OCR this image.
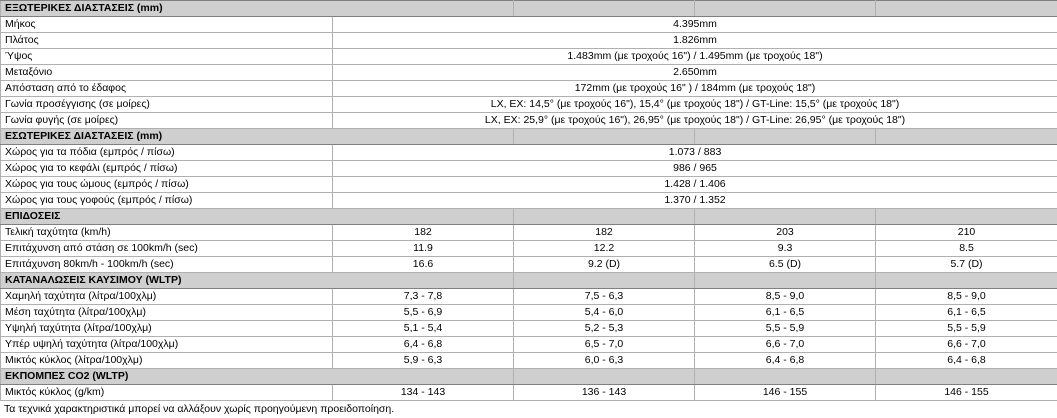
ΕΞΩΤΕΡΙΚΕΣ ΔΙΑΣΤΑΣΕΙΣ (mm)				
Μήκος	4.395mm			
Πλάτος	1.826mm			
Ύψος	1.483mm (με τροχούς 16") / 1.495mm (με τροχούς 18")			
Μεταξόνιο	2.650mm			
Απόσταση από το έδαφος	172mm (με τροχούς 16" ) / 184mm (με τροχούς 18")			
Γωνία προσέγγισης (σε μοίρες)	LX, EX: 14,5° (με τροχούς 16"), 15,4° (με τροχούς 18") / GT-Line: 15,5° (με τροχούς 18")			
Γωνία φυγής (σε μοίρες)	LX, EX: 25,9° (με τροχούς 16"), 26,95° (με τροχούς 18") / GT-Line: 26,95° (με τροχούς 18")			
ΕΣΩΤΕΡΙΚΕΣ ΔΙΑΣΤΑΣΕΙΣ (mm)				
Χώρος για τα πόδια (εμπρός / πίσω)	1.073 / 883			
Χώρος για το κεφάλι (εμπρός / πίσω)	986 / 965			
Χώρος για τους ώμους (εμπρός / πίσω)	1.428 / 1.406			
Χώρος για τους γοφούς (εμπρός / πίσω)	1.370 / 1.352			
ΕΠΙΔΟΣΕΙΣ				
Τελική ταχύτητα (km/h)	182	182	203	210
Επιτάχυνση από στάση σε 100km/h (sec)	11.9	12.2	9.3	8.5
Επιτάχυνση 80km/h - 100km/h (sec)	16.6	9.2 (D)	6.5 (D)	5.7 (D)
ΚΑΤΑΝΑΛΩΣΕΙΣ ΚΑΥΣΙΜΟΥ (WLTP)				
Χαμηλή ταχύτητα (λίτρα/100χλμ)	7,3 - 7,8	7,5 - 6,3	8,5 - 9,0	8,5 - 9,0
Μέση ταχύτητα (λίτρα/100χλμ)	5,5 - 6,9	5,4 - 6,0	6,1 - 6,5	6,1 - 6,5
Υψηλή ταχύτητα (λίτρα/100χλμ)	5,1 - 5,4	5,2 - 5,3	5,5 - 5,9	5,5 - 5,9
Υπέρ υψηλή ταχύτητα (λίτρα/100χλμ)	6,4 - 6,8	6,5 - 7,0	6,6 - 7,0	6,6 - 7,0
Μικτός κύκλος (λίτρα/100χλμ)	5,9 - 6,3	6,0 - 6,3	6,4 - 6,8	6,4 - 6,8
ΕΚΠΟΜΠΕΣ CO2 (WLTP)				
Μικτός κύκλος (g/km)	134 - 143	136 - 143	146 - 155	146 - 155
Τα τεχνικά χαρακτηριστικά μπορεί να αλλάξουν χωρίς προηγούμενη προειδοποίηση.
